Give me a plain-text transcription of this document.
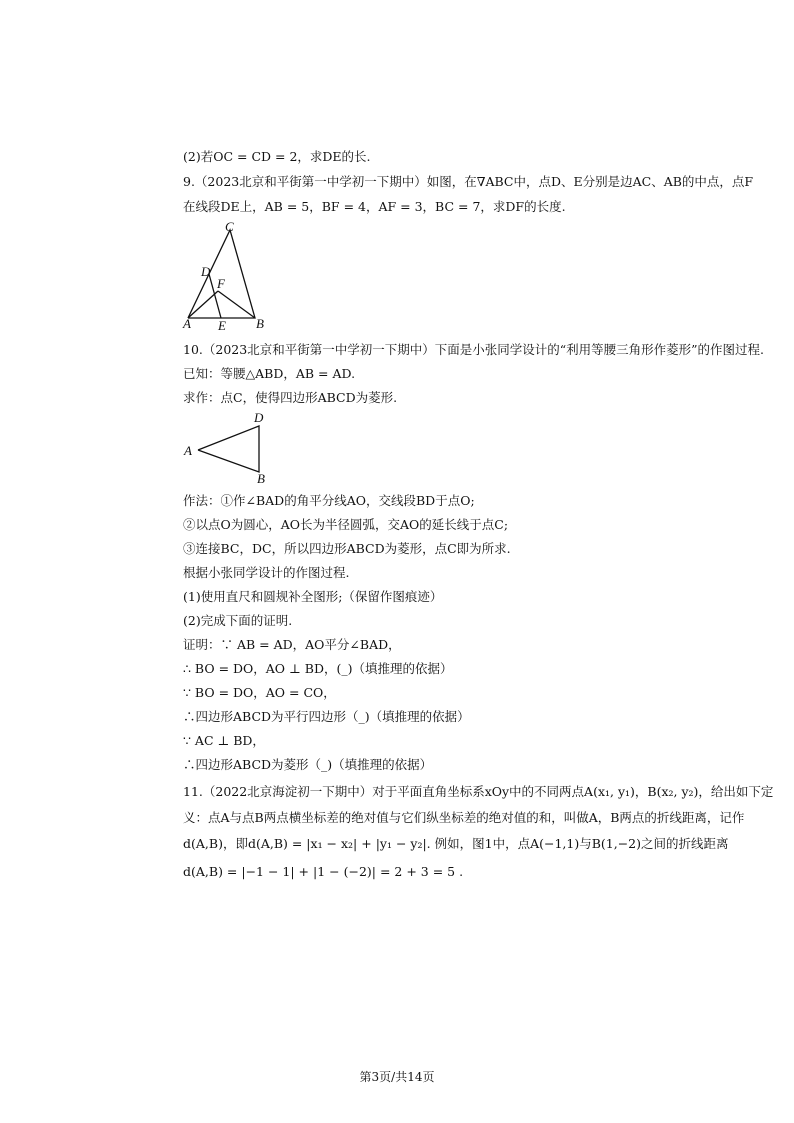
(2)若OC = CD = 2，求DE的长.
9.（2023北京和平街第一中学初一下期中）如图，在∇ABC中，点D、E分别是边AC、AB的中点，点F
在线段DE上，AB = 5，BF = 4，AF = 3，BC = 7，求DF的长度.
C
D
F
A E B
10.（2023北京和平街第一中学初一下期中）下面是小张同学设计的“利用等腰三角形作菱形”的作图过程.
已知：等腰△ABD，AB = AD.
求作：点C，使得四边形ABCD为菱形.
D
A
B
作法：①作∠BAD的角平分线AO，交线段BD于点O;
②以点O为圆心，AO长为半径圆弧，交AO的延长线于点C;
③连接BC，DC，所以四边形ABCD为菱形，点C即为所求.
根据小张同学设计的作图过程.
(1)使用直尺和圆规补全图形;（保留作图痕迹）
(2)完成下面的证明.
证明：∵ AB = AD，AO平分∠BAD，
∴ BO = DO，AO ⊥ BD，(_)（填推理的依据）
∵ BO = DO，AO = CO，
∴四边形ABCD为平行四边形（_)（填推理的依据）
∵ AC ⊥ BD，
∴四边形ABCD为菱形（_)（填推理的依据）
11.（2022北京海淀初一下期中）对于平面直角坐标系xOy中的不同两点A(x₁, y₁)，B(x₂, y₂)，给出如下定
义：点A与点B两点横坐标差的绝对值与它们纵坐标差的绝对值的和，叫做A，B两点的折线距离，记作
d(A,B)，即d(A,B) = |x₁ − x₂| + |y₁ − y₂|. 例如，图1中，点A(−1,1)与B(1,−2)之间的折线距离
d(A,B) = |−1 − 1| + |1 − (−2)| = 2 + 3 = 5 .
第3页/共14页
